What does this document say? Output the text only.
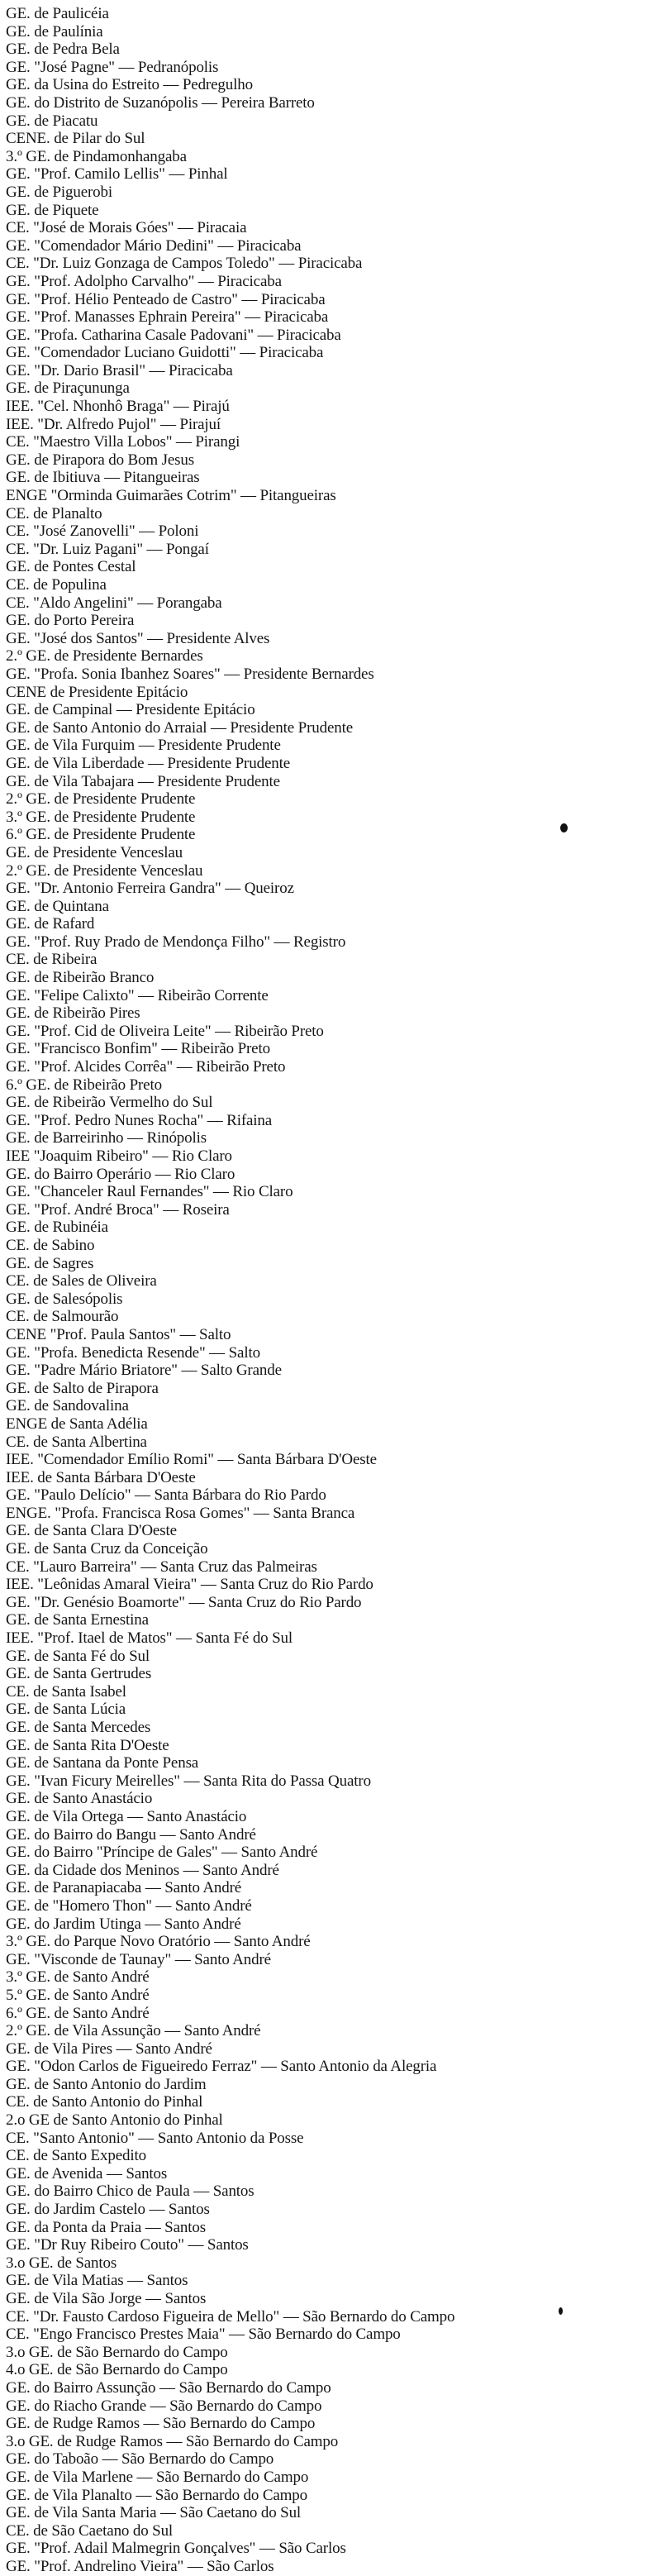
GE. de Paulicéia
GE. de Paulínia
GE. de Pedra Bela
GE. "José Pagne" — Pedranópolis
GE. da Usina do Estreito — Pedregulho
GE. do Distrito de Suzanópolis — Pereira Barreto
GE. de Piacatu
CENE. de Pilar do Sul
3.º GE. de Pindamonhangaba
GE. "Prof. Camilo Lellis" — Pinhal
GE. de Piguerobi
GE. de Piquete
CE. "José de Morais Góes" — Piracaia
GE. "Comendador Mário Dedini" — Piracicaba
CE. "Dr. Luiz Gonzaga de Campos Toledo" — Piracicaba
GE. "Prof. Adolpho Carvalho" — Piracicaba
GE. "Prof. Hélio Penteado de Castro" — Piracicaba
GE. "Prof. Manasses Ephrain Pereira" — Piracicaba
GE. "Profa. Catharina Casale Padovani" — Piracicaba
GE. "Comendador Luciano Guidotti" — Piracicaba
GE. "Dr. Dario Brasil" — Piracicaba
GE. de Piraçununga
IEE. "Cel. Nhonhô Braga" — Pirajú
IEE. "Dr. Alfredo Pujol" — Pirajuí
CE. "Maestro Villa Lobos" — Pirangi
GE. de Pirapora do Bom Jesus
GE. de Ibitiuva — Pitangueiras
ENGE "Orminda Guimarães Cotrim" — Pitangueiras
CE. de Planalto
CE. "José Zanovelli" — Poloni
CE. "Dr. Luiz Pagani" — Pongaí
GE. de Pontes Cestal
CE. de Populina
CE. "Aldo Angelini" — Porangaba
GE. do Porto Pereira
GE. "José dos Santos" — Presidente Alves
2.º GE. de Presidente Bernardes
GE. "Profa. Sonia Ibanhez Soares" — Presidente Bernardes
CENE de Presidente Epitácio
GE. de Campinal — Presidente Epitácio
GE. de Santo Antonio do Arraial — Presidente Prudente
GE. de Vila Furquim — Presidente Prudente
GE. de Vila Liberdade — Presidente Prudente
GE. de Vila Tabajara — Presidente Prudente
2.º GE. de Presidente Prudente
3.º GE. de Presidente Prudente
6.º GE. de Presidente Prudente
GE. de Presidente Venceslau
2.º GE. de Presidente Venceslau
GE. "Dr. Antonio Ferreira Gandra" — Queiroz
GE. de Quintana
GE. de Rafard
GE. "Prof. Ruy Prado de Mendonça Filho" — Registro
CE. de Ribeira
GE. de Ribeirão Branco
GE. "Felipe Calixto" — Ribeirão Corrente
GE. de Ribeirão Pires
GE. "Prof. Cid de Oliveira Leite" — Ribeirão Preto
GE. "Francisco Bonfim" — Ribeirão Preto
GE. "Prof. Alcides Corrêa" — Ribeirão Preto
6.º GE. de Ribeirão Preto
GE. de Ribeirão Vermelho do Sul
GE. "Prof. Pedro Nunes Rocha" — Rifaina
GE. de Barreirinho — Rinópolis
IEE "Joaquim Ribeiro" — Rio Claro
GE. do Bairro Operário — Rio Claro
GE. "Chanceler Raul Fernandes" — Rio Claro
GE. "Prof. André Broca" — Roseira
GE. de Rubinéia
CE. de Sabino
GE. de Sagres
CE. de Sales de Oliveira
GE. de Salesópolis
CE. de Salmourão
CENE "Prof. Paula Santos" — Salto
GE. "Profa. Benedicta Resende" — Salto
GE. "Padre Mário Briatore" — Salto Grande
GE. de Salto de Pirapora
GE. de Sandovalina
ENGE de Santa Adélia
CE. de Santa Albertina
IEE. "Comendador Emílio Romi" — Santa Bárbara D'Oeste
IEE. de Santa Bárbara D'Oeste
GE. "Paulo Delício" — Santa Bárbara do Rio Pardo
ENGE. "Profa. Francisca Rosa Gomes" — Santa Branca
GE. de Santa Clara D'Oeste
GE. de Santa Cruz da Conceição
CE. "Lauro Barreira" — Santa Cruz das Palmeiras
IEE. "Leônidas Amaral Vieira" — Santa Cruz do Rio Pardo
GE. "Dr. Genésio Boamorte" — Santa Cruz do Rio Pardo
GE. de Santa Ernestina
IEE. "Prof. Itael de Matos" — Santa Fé do Sul
GE. de Santa Fé do Sul
GE. de Santa Gertrudes
CE. de Santa Isabel
GE. de Santa Lúcia
GE. de Santa Mercedes
GE. de Santa Rita D'Oeste
GE. de Santana da Ponte Pensa
GE. "Ivan Ficury Meirelles" — Santa Rita do Passa Quatro
GE. de Santo Anastácio
GE. de Vila Ortega — Santo Anastácio
GE. do Bairro do Bangu — Santo André
GE. do Bairro "Príncipe de Gales" — Santo André
GE. da Cidade dos Meninos — Santo André
GE. de Paranapiacaba — Santo André
GE. de "Homero Thon" — Santo André
GE. do Jardim Utinga — Santo André
3.º GE. do Parque Novo Oratório — Santo André
GE. "Visconde de Taunay" — Santo André
3.º GE. de Santo André
5.º GE. de Santo André
6.º GE. de Santo André
2.º GE. de Vila Assunção — Santo André
GE. de Vila Pires — Santo André
GE. "Odon Carlos de Figueiredo Ferraz" — Santo Antonio da Alegria
GE. de Santo Antonio do Jardim
CE. de Santo Antonio do Pinhal
2.o GE de Santo Antonio do Pinhal
CE. "Santo Antonio" — Santo Antonio da Posse
CE. de Santo Expedito
GE. de Avenida — Santos
GE. do Bairro Chico de Paula — Santos
GE. do Jardim Castelo — Santos
GE. da Ponta da Praia — Santos
GE. "Dr Ruy Ribeiro Couto" — Santos
3.o GE. de Santos
GE. de Vila Matias — Santos
GE. de Vila São Jorge — Santos
CE. "Dr. Fausto Cardoso Figueira de Mello" — São Bernardo do Campo
CE. "Engo Francisco Prestes Maia" — São Bernardo do Campo
3.o GE. de São Bernardo do Campo
4.o GE. de São Bernardo do Campo
GE. do Bairro Assunção — São Bernardo do Campo
GE. do Riacho Grande — São Bernardo do Campo
GE. de Rudge Ramos — São Bernardo do Campo
3.o GE. de Rudge Ramos — São Bernardo do Campo
GE. do Taboão — São Bernardo do Campo
GE. de Vila Marlene — São Bernardo do Campo
GE. de Vila Planalto — São Bernardo do Campo
GE. de Vila Santa Maria — São Caetano do Sul
CE. de São Caetano do Sul
GE. "Prof. Adail Malmegrin Gonçalves" — São Carlos
GE. "Prof. Andrelino Vieira" — São Carlos
